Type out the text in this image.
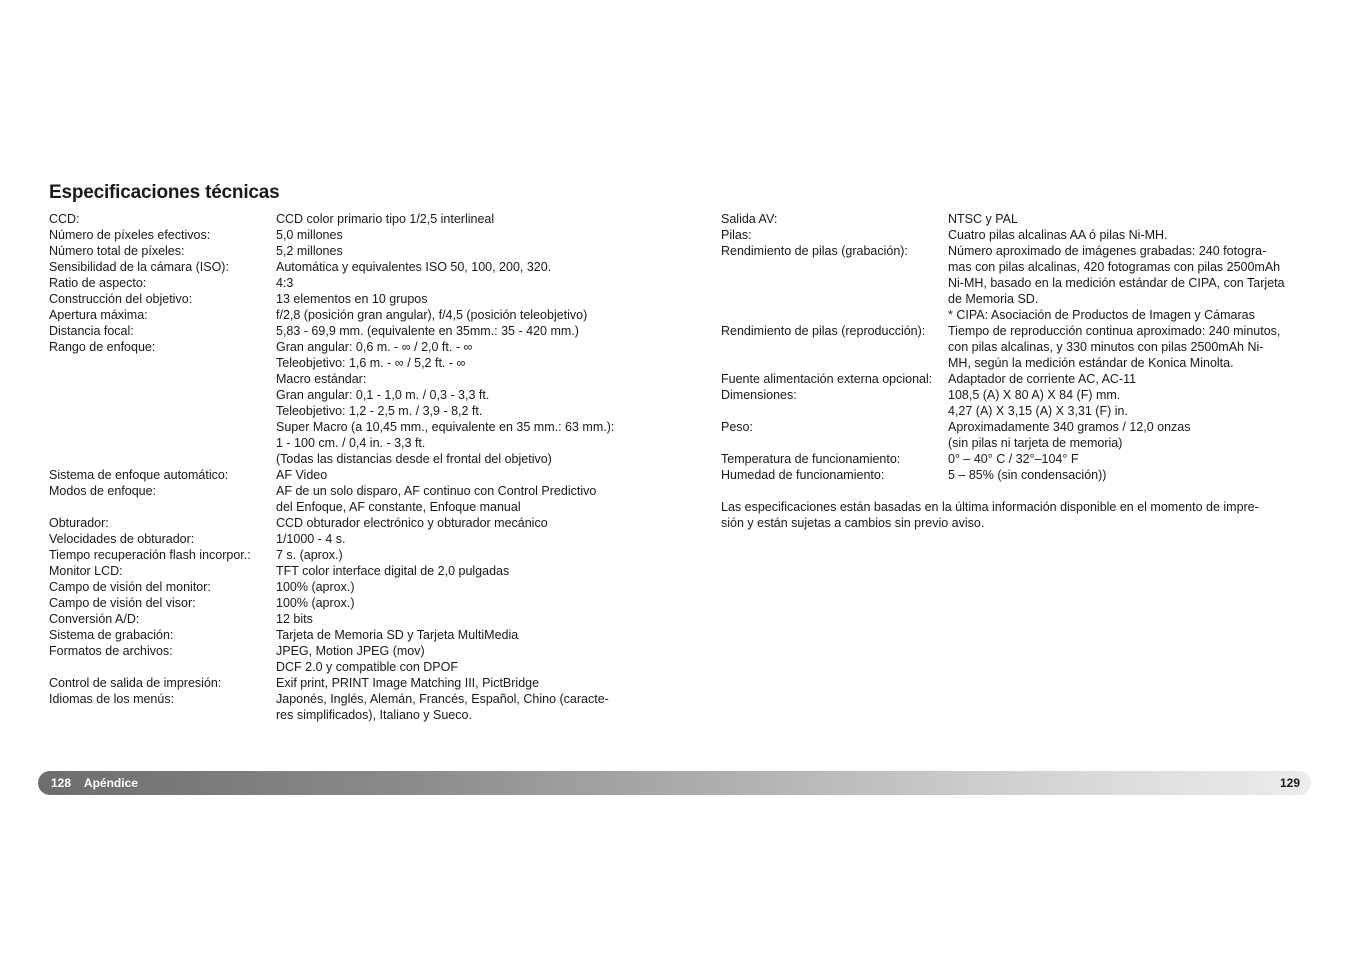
Especificaciones técnicas
CCD:	CCD color primario tipo 1/2,5 interlineal
Número de píxeles efectivos:	5,0 millones
Número total de píxeles:	5,2 millones
Sensibilidad de la cámara (ISO):	Automática y equivalentes ISO 50, 100, 200, 320.
Ratio de aspecto:	4:3
Construcción del objetivo:	13 elementos en 10 grupos
Apertura máxima:	f/2,8 (posición gran angular), f/4,5 (posición teleobjetivo)
Distancia focal:	5,83 - 69,9 mm. (equivalente en 35mm.: 35 - 420 mm.)
Rango de enfoque:	Gran angular: 0,6 m. - ∞ / 2,0 ft. - ∞
Teleobjetivo: 1,6 m. - ∞ / 5,2 ft. - ∞
Macro estándar:
Gran angular: 0,1 - 1,0 m. / 0,3 - 3,3 ft.
Teleobjetivo: 1,2 - 2,5 m. / 3,9 - 8,2 ft.
Super Macro (a 10,45 mm., equivalente en 35 mm.: 63 mm.):
1 - 100 cm. / 0,4 in. - 3,3 ft.
(Todas las distancias desde el frontal del objetivo)
Sistema de enfoque automático:	AF Video
Modos de enfoque:	AF de un solo disparo, AF continuo con Control Predictivo
del Enfoque, AF constante, Enfoque manual
Obturador:	CCD obturador electrónico y obturador mecánico
Velocidades de obturador:	1/1000 - 4 s.
Tiempo recuperación flash incorpor.:	7 s. (aprox.)
Monitor LCD:	TFT color interface digital de 2,0 pulgadas
Campo de visión del monitor:	100% (aprox.)
Campo de visión del visor:	100% (aprox.)
Conversión A/D:	12 bits
Sistema de grabación:	Tarjeta de Memoria SD y Tarjeta MultiMedia
Formatos de archivos:	JPEG, Motion JPEG (mov)
DCF 2.0 y compatible con DPOF
Control de salida de impresión:	Exif print, PRINT Image Matching III, PictBridge
Idiomas de los menús:	Japonés, Inglés, Alemán, Francés, Español, Chino (caracte-
res simplificados), Italiano y Sueco.
Salida AV:	NTSC y PAL
Pilas:	Cuatro pilas alcalinas AA ó pilas Ni-MH.
Rendimiento de pilas (grabación):	Número aproximado de imágenes grabadas: 240 fotogra-
mas con pilas alcalinas, 420 fotogramas con pilas 2500mAh
Ni-MH, basado en la medición estándar de CIPA, con Tarjeta
de Memoria SD.
* CIPA: Asociación de Productos de Imagen y Cámaras
Rendimiento de pilas (reproducción):	Tiempo de reproducción continua aproximado: 240 minutos,
con pilas alcalinas, y 330 minutos con pilas 2500mAh Ni-
MH, según la medición estándar de Konica Minolta.
Fuente alimentación externa opcional:	Adaptador de corriente AC, AC-11
Dimensiones:	108,5 (A) X 80 A) X 84 (F) mm.
4,27 (A) X 3,15 (A) X 3,31 (F) in.
Peso:	Aproximadamente 340 gramos / 12,0 onzas
(sin pilas ni tarjeta de memoria)
Temperatura de funcionamiento:	0° – 40° C / 32°–104° F
Humedad de funcionamiento:	5 – 85% (sin condensación))
Las especificaciones están basadas en la última información disponible en el momento de impre-
sión y están sujetas a cambios sin previo aviso.
128 Apéndice	129
